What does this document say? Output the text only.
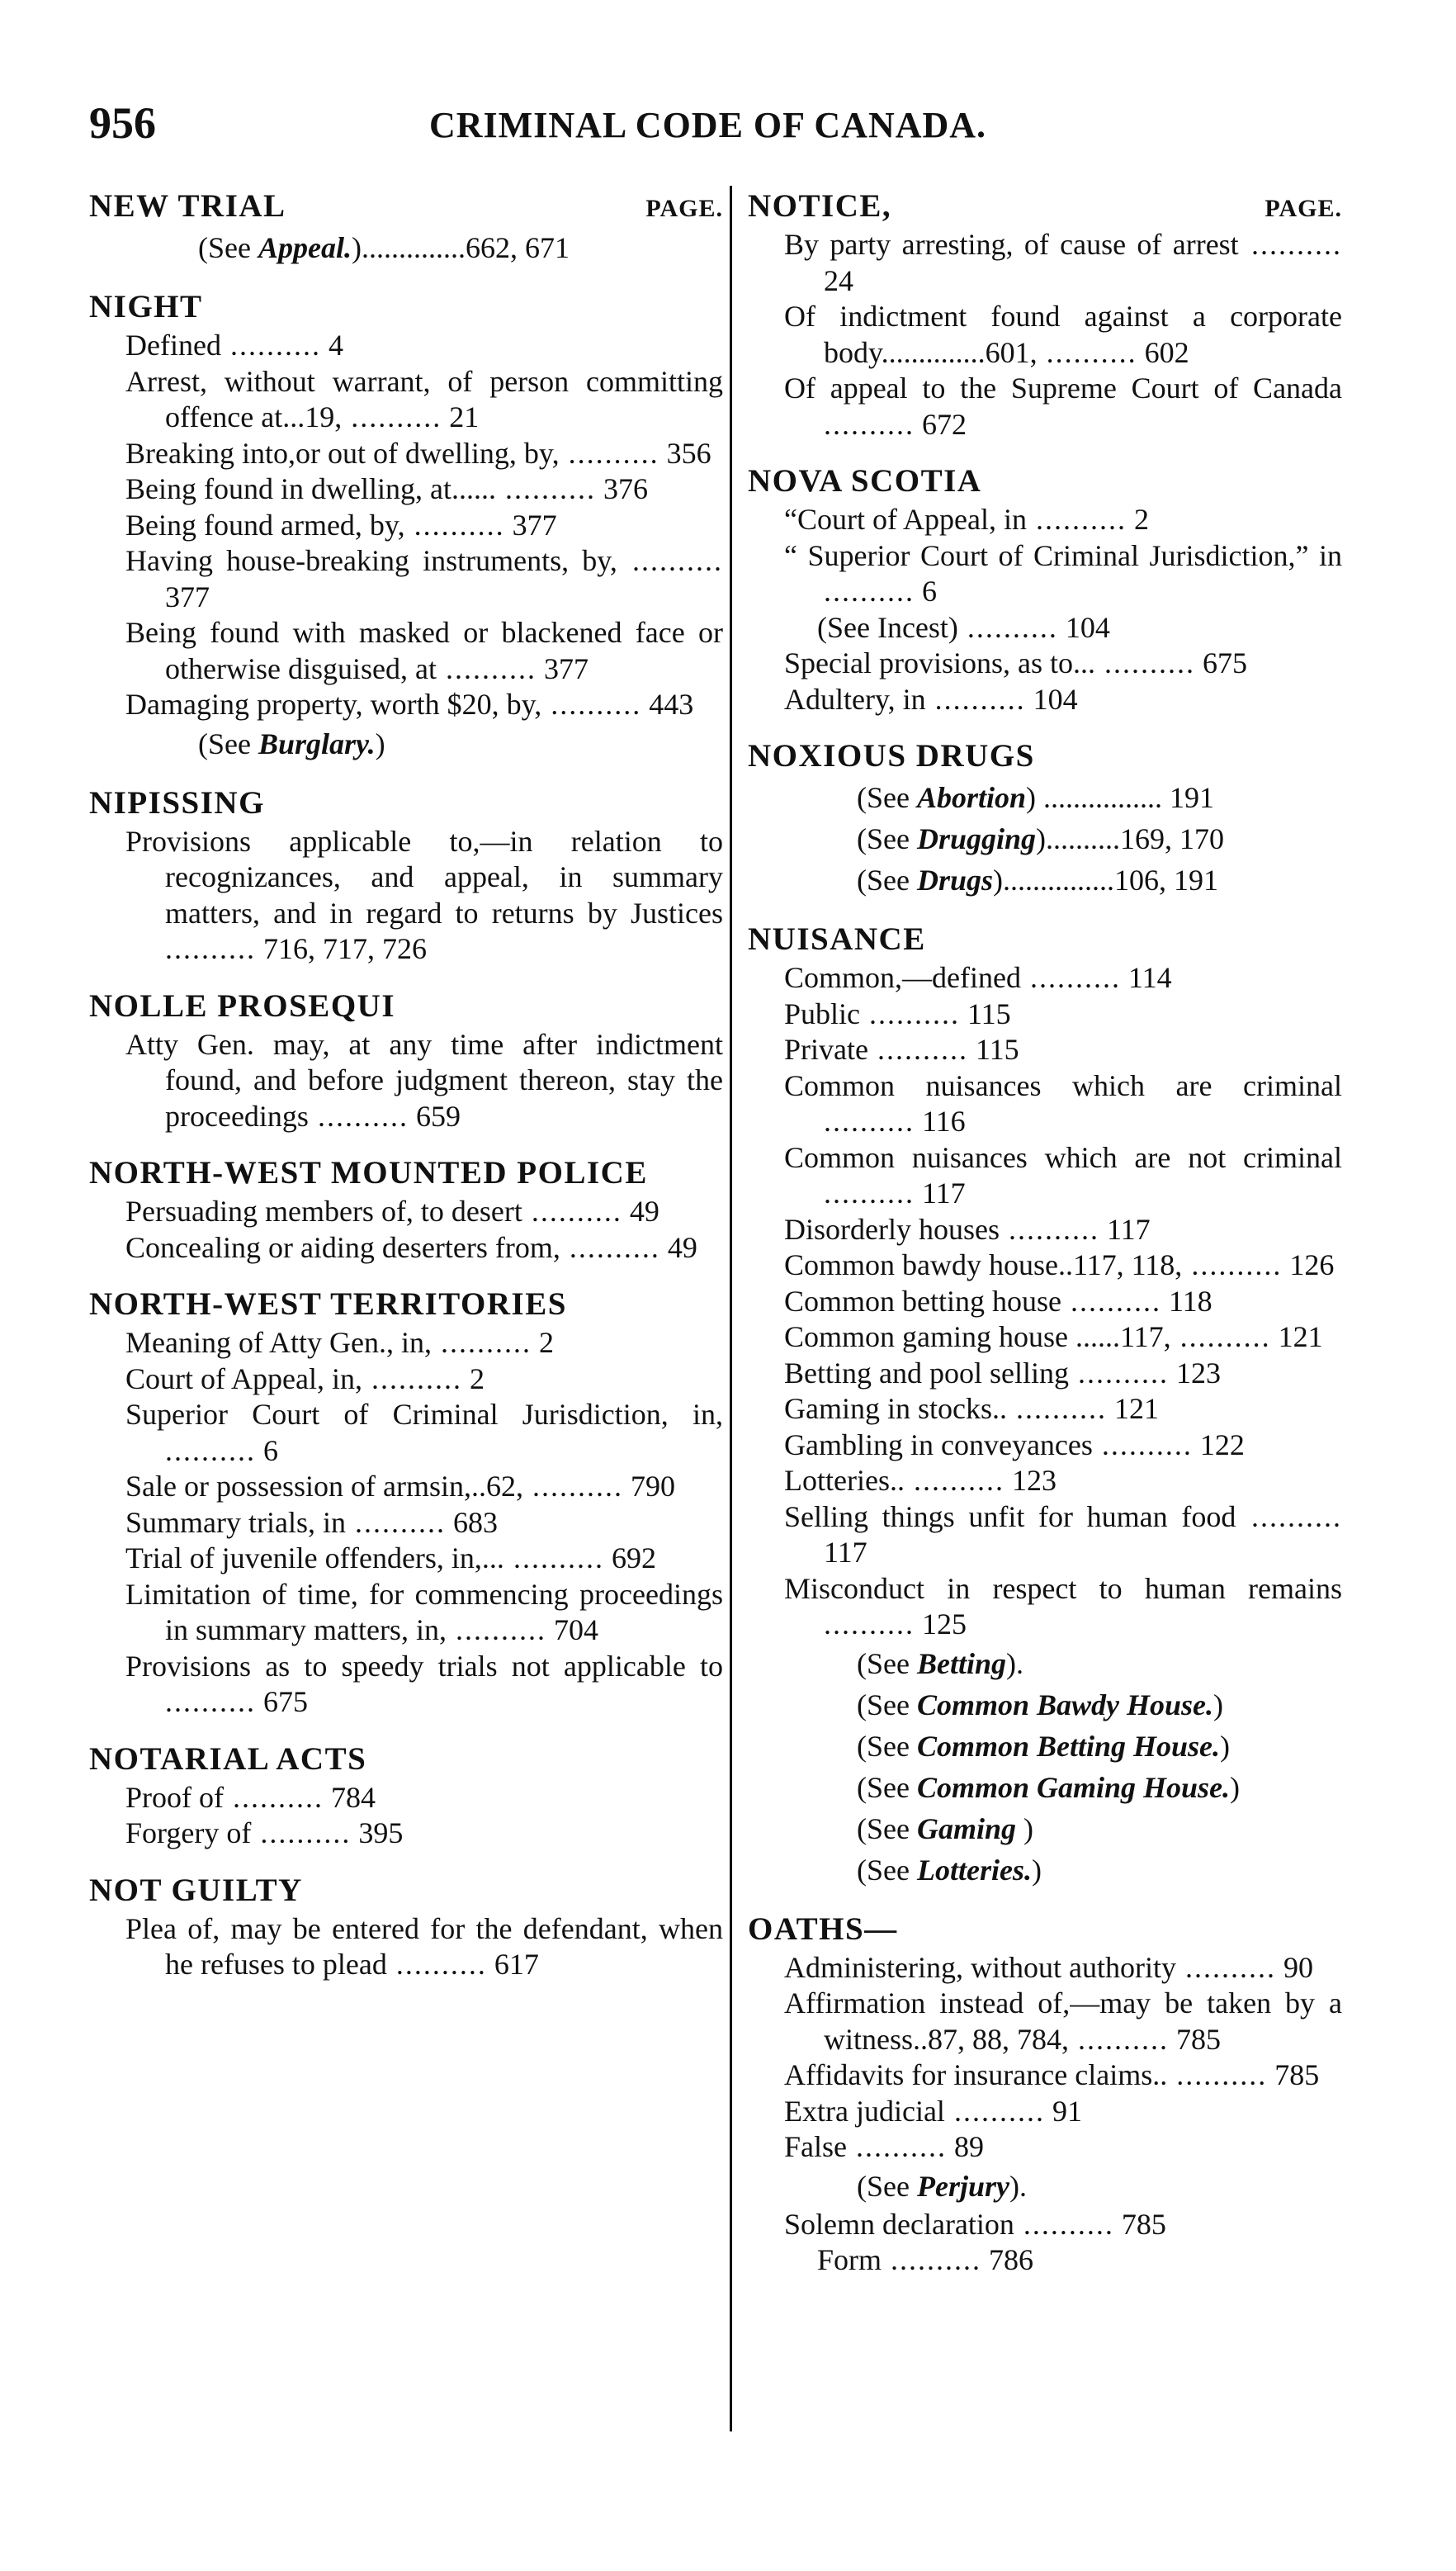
956	CRIMINAL CODE OF CANADA.
NEW TRIAL	PAGE.
(See Appeal.)..............662, 671
NIGHT
Defined .......... 4
Arrest, without warrant, of person committing offence at...19, .......... 21
Breaking into,or out of dwelling, by, .......... 356
Being found in dwelling, at...... .......... 376
Being found armed, by, .......... 377
Having house-breaking instruments, by, .......... 377
Being found with masked or blackened face or otherwise disguised, at .......... 377
Damaging property, worth $20, by, .......... 443
(See Burglary.)
NIPISSING
Provisions applicable to,—in relation to recognizances, and appeal, in summary matters, and in regard to returns by Justices .......... 716, 717, 726
NOLLE PROSEQUI
Atty Gen. may, at any time after indictment found, and before judgment thereon, stay the proceedings .......... 659
NORTH-WEST MOUNTED POLICE
Persuading members of, to desert .......... 49
Concealing or aiding deserters from, .......... 49
NORTH-WEST TERRITORIES
Meaning of Atty Gen., in, .......... 2
Court of Appeal, in, .......... 2
Superior Court of Criminal Jurisdiction, in, .......... 6
Sale or possession of armsin,..62, .......... 790
Summary trials, in .......... 683
Trial of juvenile offenders, in,... .......... 692
Limitation of time, for commencing proceedings in summary matters, in, .......... 704
Provisions as to speedy trials not applicable to .......... 675
NOTARIAL ACTS
Proof of .......... 784
Forgery of .......... 395
NOT GUILTY
Plea of, may be entered for the defendant, when he refuses to plead .......... 617
NOTICE,	PAGE.
By party arresting, of cause of arrest .......... 24
Of indictment found against a corporate body..............601, .......... 602
Of appeal to the Supreme Court of Canada .......... 672
NOVA SCOTIA
“Court of Appeal, in .......... 2
“ Superior Court of Criminal Jurisdiction,” in .......... 6
(See Incest) .......... 104
Special provisions, as to... .......... 675
Adultery, in .......... 104
NOXIOUS DRUGS
(See Abortion) ................ 191
(See Drugging)..........169, 170
(See Drugs)...............106, 191
NUISANCE
Common,—defined .......... 114
Public .......... 115
Private .......... 115
Common nuisances which are criminal .......... 116
Common nuisances which are not criminal .......... 117
Disorderly houses .......... 117
Common bawdy house..117, 118, .......... 126
Common betting house .......... 118
Common gaming house ......117, .......... 121
Betting and pool selling .......... 123
Gaming in stocks.. .......... 121
Gambling in conveyances .......... 122
Lotteries.. .......... 123
Selling things unfit for human food .......... 117
Misconduct in respect to human remains .......... 125
(See Betting).
(See Common Bawdy House.)
(See Common Betting House.)
(See Common Gaming House.)
(See Gaming )
(See Lotteries.)
OATHS—
Administering, without authority .......... 90
Affirmation instead of,—may be taken by a witness..87, 88, 784, .......... 785
Affidavits for insurance claims.. .......... 785
Extra judicial .......... 91
False .......... 89
(See Perjury).
Solemn declaration .......... 785
Form .......... 786
